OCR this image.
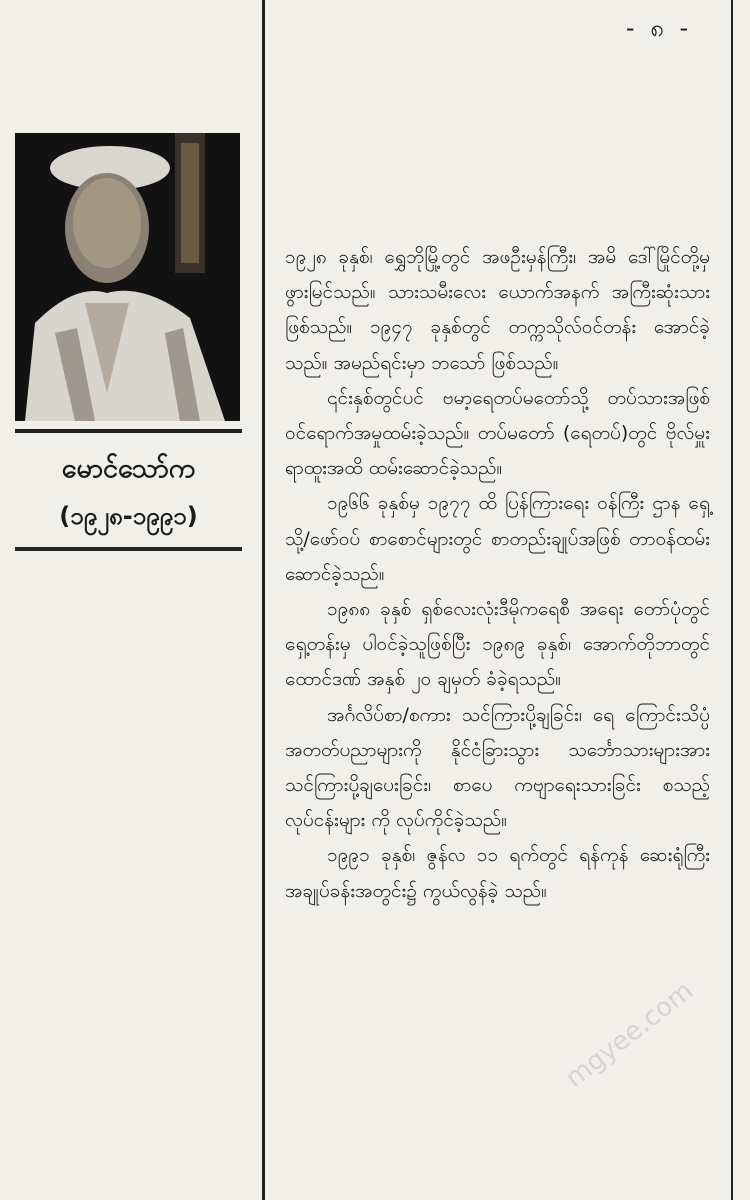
- ၈ -
မောင်သော်က
(၁၉၂၈-၁၉၉၁)

၁၉၂၈ ခုနှစ်၊ ရွှေဘိုမြို့တွင် အဖဦးမှန်ကြီး၊ အမိ ဒေါ်မြိုင်တို့မှ ဖွားမြင်သည်။ သားသမီးလေး ယောက်အနက် အကြီးဆုံးသား ဖြစ်သည်။ ၁၉၄၇ ခုနှစ်တွင် တက္ကသိုလ်ဝင်တန်း အောင်ခဲ့ သည်။ အမည်ရင်းမှာ ဘသော် ဖြစ်သည်။

၎င်းနှစ်တွင်ပင် ဗမာ့ရေတပ်မတော်သို့ တပ်သားအဖြစ် ဝင်ရောက်အမှုထမ်းခဲ့သည်။ တပ်မတော် (ရေတပ်)တွင် ဗိုလ်မှူးရာထူးအထိ ထမ်းဆောင်ခဲ့သည်။

၁၉၆၆ ခုနှစ်မှ ၁၉၇၇ ထိ ပြန်ကြားရေး ဝန်ကြီး ဌာန ရှေ့သို့/ဖော်ဝပ် စာစောင်များတွင် စာတည်းချုပ်အဖြစ် တာဝန်ထမ်းဆောင်ခဲ့သည်။

၁၉၈၈ ခုနှစ် ရှစ်လေးလုံးဒီမိုကရေစီ အရေး တော်ပုံတွင် ရှေ့တန်းမှ ပါဝင်ခဲ့သူဖြစ်ပြီး ၁၉၈၉ ခုနှစ်၊ အောက်တိုဘာတွင် ထောင်ဒဏ် အနှစ် ၂၀ ချမှတ် ခံခဲ့ရသည်။

အင်္ဂလိပ်စာ/စကား သင်ကြားပို့ချခြင်း၊ ရေ ကြောင်းသိပ္ပံ အတတ်ပညာများကို နိုင်ငံခြားသွား သင်္ဘောသားများအား သင်ကြားပို့ချပေးခြင်း၊ စာပေ ကဗျာရေးသားခြင်း စသည့် လုပ်ငန်းများ ကို လုပ်ကိုင်ခဲ့သည်။

၁၉၉၁ ခုနှစ်၊ ဇွန်လ ၁၁ ရက်တွင် ရန်ကုန် ဆေးရုံကြီး အချုပ်ခန်းအတွင်း၌ ကွယ်လွန်ခဲ့ သည်။

mgyee.com
